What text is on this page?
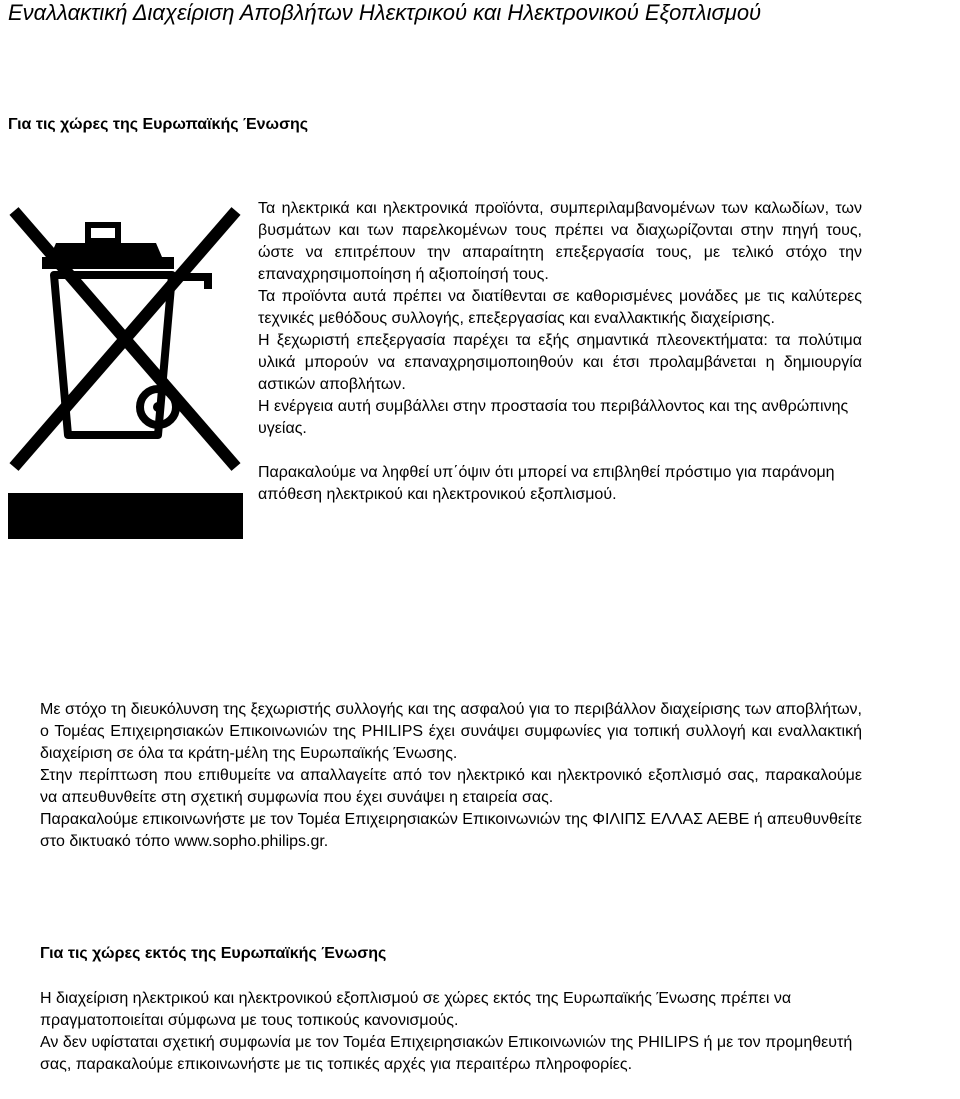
Εναλλακτική Διαχείριση Αποβλήτων Ηλεκτρικού και Ηλεκτρονικού Εξοπλισμού
Για τις χώρες της Ευρωπαϊκής Ένωσης

Τα ηλεκτρικά και ηλεκτρονικά προϊόντα, συμπεριλαμβανομένων των καλωδίων, των βυσμάτων και των παρελκομένων τους πρέπει να διαχωρίζονται στην πηγή τους, ώστε να επιτρέπουν την απαραίτητη επεξεργασία τους, με τελικό στόχο την επαναχρησιμοποίηση ή αξιοποίησή τους.

Τα προϊόντα αυτά πρέπει να διατίθενται σε καθορισμένες μονάδες με τις καλύτερες τεχνικές μεθόδους συλλογής, επεξεργασίας και εναλλακτικής διαχείρισης.

Η ξεχωριστή επεξεργασία παρέχει τα εξής σημαντικά πλεονεκτήματα: τα πολύτιμα υλικά μπορούν να επαναχρησιμοποιηθούν και έτσι προλαμβάνεται η δημιουργία αστικών αποβλήτων.

Η ενέργεια αυτή συμβάλλει στην προστασία του περιβάλλοντος και της ανθρώπινης υγείας.

Παρακαλούμε να ληφθεί υπ΄όψιν ότι μπορεί να επιβληθεί πρόστιμο για παράνομη απόθεση ηλεκτρικού και ηλεκτρονικού εξοπλισμού.

Με στόχο τη διευκόλυνση της ξεχωριστής συλλογής και της ασφαλού για το περιβάλλον διαχείρισης των αποβλήτων, ο Τομέας Επιχειρησιακών Επικοινωνιών της PHILIPS έχει συνάψει συμφωνίες για τοπική συλλογή και εναλλακτική διαχείριση σε όλα τα κράτη-μέλη της Ευρωπαϊκής Ένωσης.

Στην περίπτωση που επιθυμείτε να απαλλαγείτε από τον ηλεκτρικό και ηλεκτρονικό εξοπλισμό σας, παρακαλούμε να απευθυνθείτε στη σχετική συμφωνία που έχει συνάψει η εταιρεία σας.

Παρακαλούμε επικοινωνήστε με τον Τομέα Επιχειρησιακών Επικοινωνιών της ΦΙΛΙΠΣ ΕΛΛΑΣ ΑΕΒΕ ή απευθυνθείτε στο δικτυακό τόπο www.sopho.philips.gr.

Για τις χώρες εκτός της Ευρωπαϊκής Ένωσης

Η διαχείριση ηλεκτρικού και ηλεκτρονικού εξοπλισμού σε χώρες εκτός της Ευρωπαϊκής Ένωσης πρέπει να πραγματοποιείται σύμφωνα με τους τοπικούς κανονισμούς.

Αν δεν υφίσταται σχετική συμφωνία με τον Τομέα Επιχειρησιακών Επικοινωνιών της PHILIPS ή με τον προμηθευτή σας, παρακαλούμε επικοινωνήστε με τις τοπικές αρχές για περαιτέρω πληροφορίες.
